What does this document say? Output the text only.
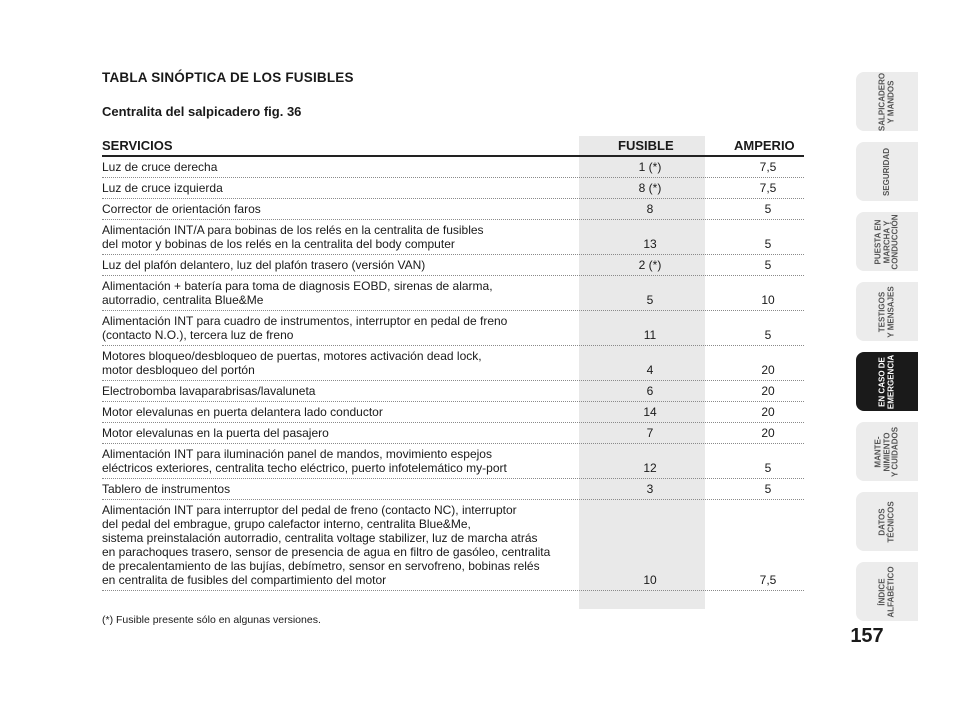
TABLA SINÓPTICA DE LOS FUSIBLES
Centralita del salpicadero fig. 36
SERVICIOS	FUSIBLE	AMPERIO
Luz de cruce derecha	1 (*)	7,5
Luz de cruce izquierda	8 (*)	7,5
Corrector de orientación faros	8	5
Alimentación INT/A para bobinas de los relés en la centralita de fusibles
del motor y bobinas de los relés en la centralita del body computer	13	5
Luz del plafón delantero, luz del plafón trasero (versión VAN)	2 (*)	5
Alimentación + batería para toma de diagnosis EOBD, sirenas de alarma,
autorradio, centralita Blue&Me	5	10
Alimentación INT para cuadro de instrumentos, interruptor en pedal de freno
(contacto N.O.), tercera luz de freno	11	5
Motores bloqueo/desbloqueo de puertas, motores activación dead lock,
motor desbloqueo del portón	4	20
Electrobomba lavaparabrisas/lavaluneta	6	20
Motor elevalunas en puerta delantera lado conductor	14	20
Motor elevalunas en la puerta del pasajero	7	20
Alimentación INT para iluminación panel de mandos, movimiento espejos
eléctricos exteriores, centralita techo eléctrico, puerto infotelemático my-port	12	5
Tablero de instrumentos	3	5
Alimentación INT para interruptor del pedal de freno (contacto NC), interruptor
del pedal del embrague, grupo calefactor interno, centralita Blue&Me,
sistema preinstalación autorradio, centralita voltage stabilizer, luz de marcha atrás
en parachoques trasero, sensor de presencia de agua en filtro de gasóleo, centralita
de precalentamiento de las bujías, debímetro, sensor en servofreno, bobinas relés
en centralita de fusibles del compartimiento del motor	10	7,5
(*) Fusible presente sólo en algunas versiones.
157
SALPICADERO
Y MANDOS
SEGURIDAD
PUESTA EN
MARCHA Y
CONDUCCIÓN
TESTIGOS
Y MENSAJES
EN CASO DE
EMERGENCIA
MANTE-
NIMIENTO
Y CUIDADOS
DATOS
TÉCNICOS
ÍNDICE
ALFABÉTICO
